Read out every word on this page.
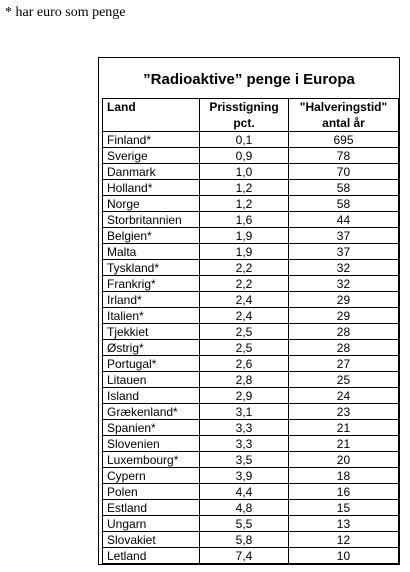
* har euro som penge
”Radioaktive” penge i Europa
Land	Prisstigning	"Halveringstid"
	pct.	antal år
Finland*	0,1	695
Sverige	0,9	78
Danmark	1,0	70
Holland*	1,2	58
Norge	1,2	58
Storbritannien	1,6	44
Belgien*	1,9	37
Malta	1,9	37
Tyskland*	2,2	32
Frankrig*	2,2	32
Irland*	2,4	29
Italien*	2,4	29
Tjekkiet	2,5	28
Østrig*	2,5	28
Portugal*	2,6	27
Litauen	2,8	25
Island	2,9	24
Grækenland*	3,1	23
Spanien*	3,3	21
Slovenien	3,3	21
Luxembourg*	3,5	20
Cypern	3,9	18
Polen	4,4	16
Estland	4,8	15
Ungarn	5,5	13
Slovakiet	5,8	12
Letland	7,4	10
